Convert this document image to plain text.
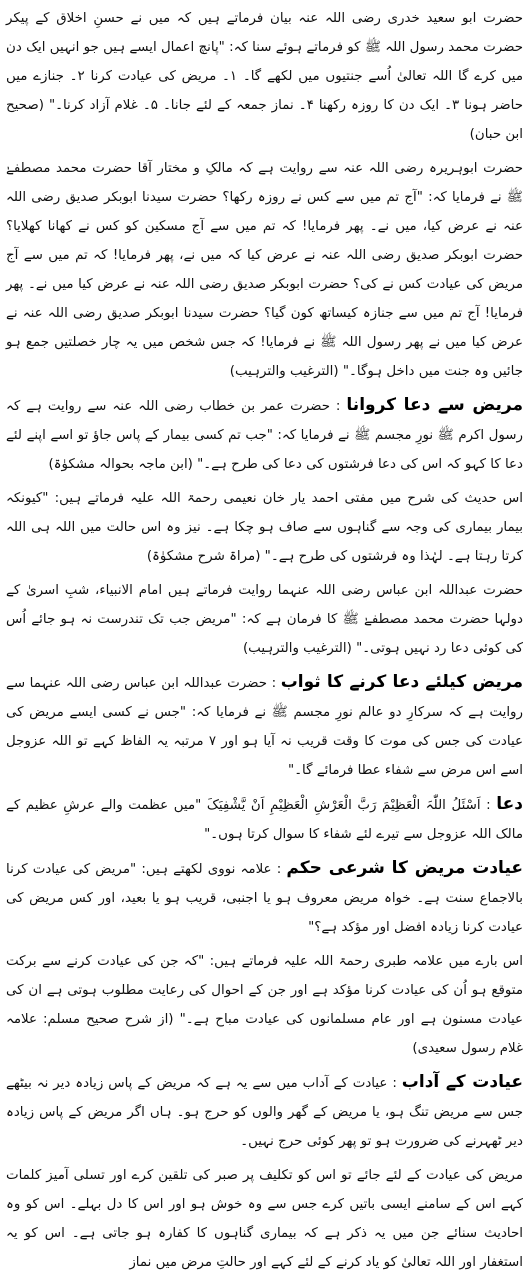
حضرت ابو سعید خدری رضی اللہ عنہ بیان فرماتے ہیں کہ میں نے حسنِ اخلاق کے پیکر حضرت محمد رسول اللہ ﷺ کو فرماتے ہوئے سنا کہ: "پانچ اعمال ایسے ہیں جو انہیں ایک دن میں کرے گا اللہ تعالیٰ اُسے جنتیوں میں لکھے گا۔ ۱۔ مریض کی عیادت کرنا ۲۔ جنازے میں حاضر ہونا ۳۔ ایک دن کا روزہ رکھنا ۴۔ نماز جمعہ کے لئے جانا۔ ۵۔ غلام آزاد کرنا۔" (صحیح ابن حبان)

حضرت ابوہریرہ رضی اللہ عنہ سے روایت ہے کہ مالکِ و مختار آقا حضرت محمد مصطفےٰ ﷺ نے فرمایا کہ: "آج تم میں سے کس نے روزہ رکھا؟ حضرت سیدنا ابوبکر صدیق رضی اللہ عنہ نے عرض کیا، میں نے۔ پھر فرمایا! کہ تم میں سے آج مسکین کو کس نے کھانا کھلایا؟ حضرت ابوبکر صدیق رضی اللہ عنہ نے عرض کیا کہ میں نے، پھر فرمایا! کہ تم میں سے آج مریض کی عیادت کس نے کی؟ حضرت ابوبکر صدیق رضی اللہ عنہ نے عرض کیا میں نے۔ پھر فرمایا! آج تم میں سے جنازہ کیساتھ کون گیا؟ حضرت سیدنا ابوبکر صدیق رضی اللہ عنہ نے عرض کیا میں نے پھر رسول اللہ ﷺ نے فرمایا! کہ جس شخص میں یہ چار خصلتیں جمع ہو جائیں وہ جنت میں داخل ہوگا۔" (الترغیب والترہیب)

مریض سے دعا کروانا : حضرت عمر بن خطاب رضی اللہ عنہ سے روایت ہے کہ رسول اکرم ﷺ نورِ مجسم ﷺ نے فرمایا کہ: "جب تم کسی بیمار کے پاس جاؤ تو اسے اپنے لئے دعا کا کہو کہ اس کی دعا فرشتوں کی دعا کی طرح ہے۔" (ابن ماجہ بحوالہ مشکوٰۃ)

اس حدیث کی شرح میں مفتی احمد یار خان نعیمی رحمۃ اللہ علیہ فرماتے ہیں: "کیونکہ بیمار بیماری کی وجہ سے گناہوں سے صاف ہو چکا ہے۔ نیز وہ اس حالت میں اللہ ہی اللہ کرتا رہتا ہے۔ لہٰذا وہ فرشتوں کی طرح ہے۔" (مراۃ شرح مشکوٰۃ)

حضرت عبداللہ ابن عباس رضی اللہ عنہما روایت فرماتے ہیں امام الانبیاء، شبِ اسریٰ کے دولہا حضرت محمد مصطفےٰ ﷺ کا فرمان ہے کہ: "مریض جب تک تندرست نہ ہو جائے اُس کی کوئی دعا رد نہیں ہوتی۔" (الترغیب والترہیب)

مریض کیلئے دعا کرنے کا ثواب : حضرت عبداللہ ابن عباس رضی اللہ عنہما سے روایت ہے کہ سرکارِ دو عالم نورِ مجسم ﷺ نے فرمایا کہ: "جس نے کسی ایسے مریض کی عیادت کی جس کی موت کا وقت قریب نہ آیا ہو اور ۷ مرتبہ یہ الفاظ کہے تو اللہ عزوجل اسے اس مرض سے شفاء عطا فرمائے گا۔"

دعا : اَسْئَلُ اللّٰہَ الْعَظِیْمَ رَبَّ الْعَرْشِ الْعَظِیْمِ اَنْ یَّشْفِیَکَ "میں عظمت والے عرشِ عظیم کے مالک اللہ عزوجل سے تیرے لئے شفاء کا سوال کرتا ہوں۔"

عیادت مریض کا شرعی حکم : علامہ نووی لکھتے ہیں: "مریض کی عیادت کرنا بالاجماع سنت ہے۔ خواہ مریض معروف ہو یا اجنبی، قریب ہو یا بعید، اور کس مریض کی عیادت کرنا زیادہ افضل اور مؤکد ہے؟"

اس بارے میں علامہ طبری رحمۃ اللہ علیہ فرماتے ہیں: "کہ جن کی عیادت کرنے سے برکت متوقع ہو اُن کی عیادت کرنا مؤکد ہے اور جن کے احوال کی رعایت مطلوب ہوتی ہے ان کی عیادت مسنون ہے اور عام مسلمانوں کی عیادت مباح ہے۔" (از شرح صحیح مسلم: علامہ غلام رسول سعیدی)

عیادت کے آداب : عیادت کے آداب میں سے یہ ہے کہ مریض کے پاس زیادہ دیر نہ بیٹھے جس سے مریض تنگ ہو، یا مریض کے گھر والوں کو حرج ہو۔ ہاں اگر مریض کے پاس زیادہ دیر ٹھہرنے کی ضرورت ہو تو پھر کوئی حرج نہیں۔

مریض کی عیادت کے لئے جائے تو اس کو تکلیف پر صبر کی تلقین کرے اور تسلی آمیز کلمات کہے اس کے سامنے ایسی باتیں کرے جس سے وہ خوش ہو اور اس کا دل بہلے۔ اس کو وہ احادیث سنائے جن میں یہ ذکر ہے کہ بیماری گناہوں کا کفارہ ہو جاتی ہے۔ اس کو یہ استغفار اور اللہ تعالیٰ کو یاد کرنے کے لئے کہے اور حالتِ مرض میں نماز
